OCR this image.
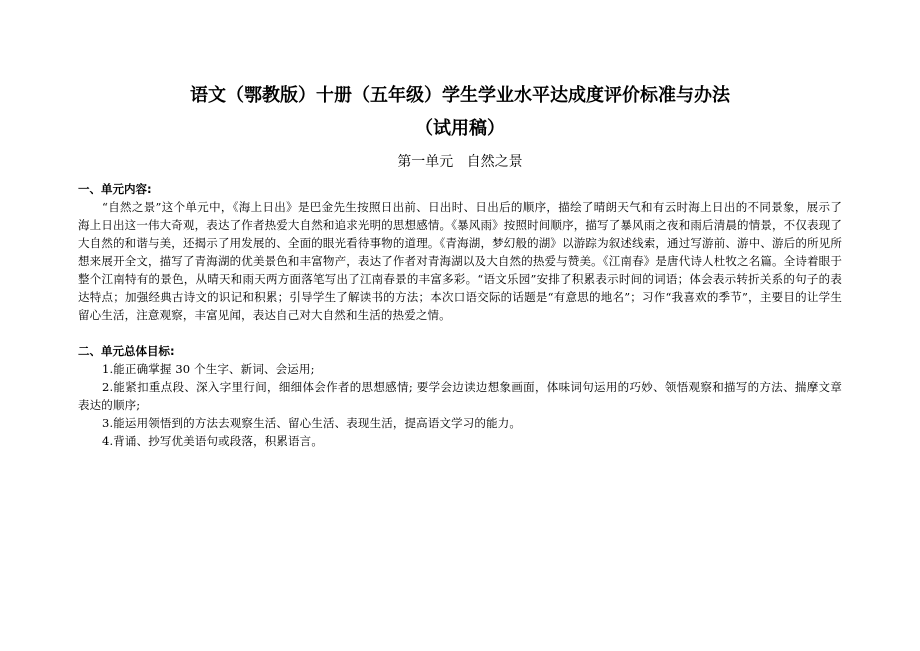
语文（鄂教版）十册（五年级）学生学业水平达成度评价标准与办法
（试用稿）
第一单元 自然之景

一、单元内容:

“自然之景”这个单元中，《海上日出》是巴金先生按照日出前、日出时、日出后的顺序，描绘了晴朗天气和有云时海上日出的不同景象，展示了海上日出这一伟大奇观，表达了作者热爱大自然和追求光明的思想感情。《暴风雨》按照时间顺序，描写了暴风雨之夜和雨后清晨的情景，不仅表现了大自然的和谐与美，还揭示了用发展的、全面的眼光看待事物的道理。《青海湖，梦幻般的湖》以游踪为叙述线索，通过写游前、游中、游后的所见所想来展开全文，描写了青海湖的优美景色和丰富物产，表达了作者对青海湖以及大自然的热爱与赞美。《江南春》是唐代诗人杜牧之名篇。全诗着眼于整个江南特有的景色，从晴天和雨天两方面落笔写出了江南春景的丰富多彩。“语文乐园”安排了积累表示时间的词语；体会表示转折关系的句子的表达特点；加强经典古诗文的识记和积累；引导学生了解读书的方法；本次口语交际的话题是“有意思的地名”；习作“我喜欢的季节”，主要目的让学生留心生活，注意观察，丰富见闻，表达自己对大自然和生活的热爱之情。

二、单元总体目标:

1.能正确掌握 30 个生字、新词、会运用;
2.能紧扣重点段、深入字里行间，细细体会作者的思想感情; 要学会边读边想象画面，体味词句运用的巧妙、领悟观察和描写的方法、揣摩文章表达的顺序;
3.能运用领悟到的方法去观察生活、留心生活、表现生活，提高语文学习的能力。
4.背诵、抄写优美语句或段落，积累语言。
